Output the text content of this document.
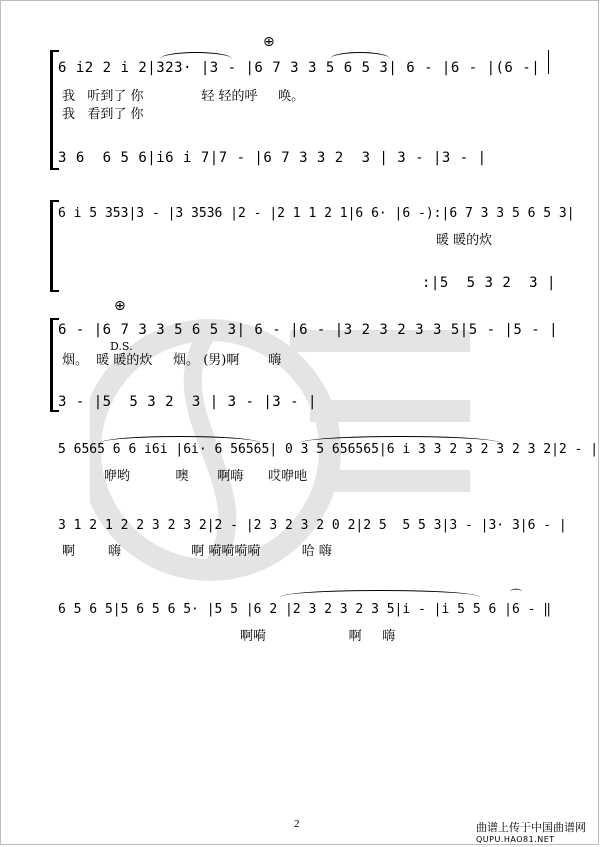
⊕
6 i2 2 i 2|323· |3 - |6 7 3 3 5 6 5 3| 6 - |6 - |(6 -|
我   听到了 你              轻 轻的呼     唤。
我   看到了 你
3 6  6 5 6|i6 i 7|7 - |6 7 3 3 2  3 | 3 - |3 - |
6 i 5 353|3 - |3 3536 |2 - |2 1 1 2 1|6 6· |6 -):|6 7 3 3 5 6 5 3|
暖 暖的炊
:|5  5 3 2  3 |
⊕
6 - |6 7 3 3 5 6 5 3| 6 - |6 - |3 2 3 2 3 3 5|5 - |5 - |
D.S.
烟。  暖 暖的炊     烟。 (男)啊       嗨
3 - |5  5 3 2  3 | 3 - |3 - |
5 6565 6 6 i6i |6i· 6 56565| 0 3 5 656565|6 i 3 3 2 3 2 3 2 3 2|2 - |
咿哟           噢       啊嗨      哎咿吔
3 1 2 1 2 2 3 2 3 2|2 - |2 3 2 3 2 0 2|2 5  5 5 3|3 - |3· 3|6 - |
啊        嗨                 啊 嗬嗬嗬嗬          哈 嗨
6 5 6 5|5 6 5 6 5· |5 5 |6 2 |2 3 2 3 2 3 5|i - |i 5 5 6 |6 - ‖
⌒
啊嗬                    啊     嗨
2	曲谱上传于中国曲谱网
QUPU.HAO81.NET
